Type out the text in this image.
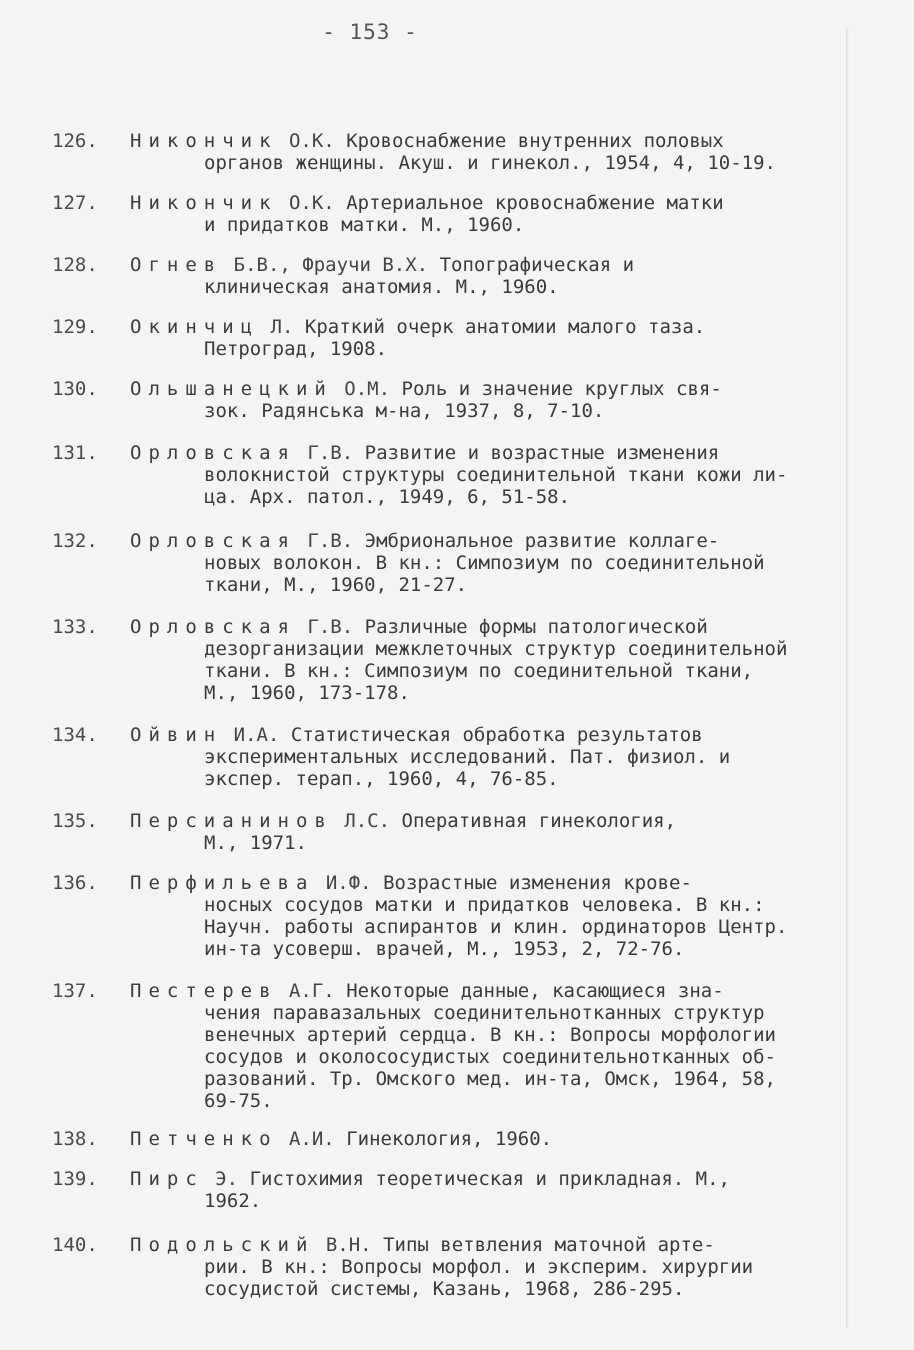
- 153 -
126.	Никончик О.К. Кровоснабжение внутренних половых
органов женщины. Акуш. и гинекол., 1954, 4, 10-19.
127.	Никончик О.К. Артериальное кровоснабжение матки
и придатков матки. М., 1960.
128.	Огнев Б.В., Фраучи В.Х. Топографическая и
клиническая анатомия. М., 1960.
129.	Окинчиц Л. Краткий очерк анатомии малого таза.
Петроград, 1908.
130.	Ольшанецкий О.М. Роль и значение круглых свя-
зок. Радянська м-на, 1937, 8, 7-10.
131.	Орловская Г.В. Развитие и возрастные изменения
волокнистой структуры соединительной ткани кожи ли-
ца. Арх. патол., 1949, 6, 51-58.
132.	Орловская Г.В. Эмбриональное развитие коллаге-
новых волокон. В кн.: Симпозиум по соединительной
ткани, М., 1960, 21-27.
133.	Орловская Г.В. Различные формы патологической
дезорганизации межклеточных структур соединительной
ткани. В кн.: Симпозиум по соединительной ткани,
М., 1960, 173-178.
134.	Ойвин И.А. Статистическая обработка результатов
экспериментальных исследований. Пат. физиол. и
экспер. терап., 1960, 4, 76-85.
135.	Персианинов Л.С. Оперативная гинекология,
М., 1971.
136.	Перфильева И.Ф. Возрастные изменения крове-
носных сосудов матки и придатков человека. В кн.:
Научн. работы аспирантов и клин. ординаторов Центр.
ин-та усоверш. врачей, М., 1953, 2, 72-76.
137.	Пестерев А.Г. Некоторые данные, касающиеся зна-
чения паравазальных соединительнотканных структур
венечных артерий сердца. В кн.: Вопросы морфологии
сосудов и околососудистых соединительнотканных об-
разований. Тр. Омского мед. ин-та, Омск, 1964, 58,
69-75.
138.	Петченко А.И. Гинекология, 1960.
139.	Пирс Э. Гистохимия теоретическая и прикладная. М.,
1962.
140.	Подольский В.Н. Типы ветвления маточной арте-
рии. В кн.: Вопросы морфол. и эксперим. хирургии
сосудистой системы, Казань, 1968, 286-295.
